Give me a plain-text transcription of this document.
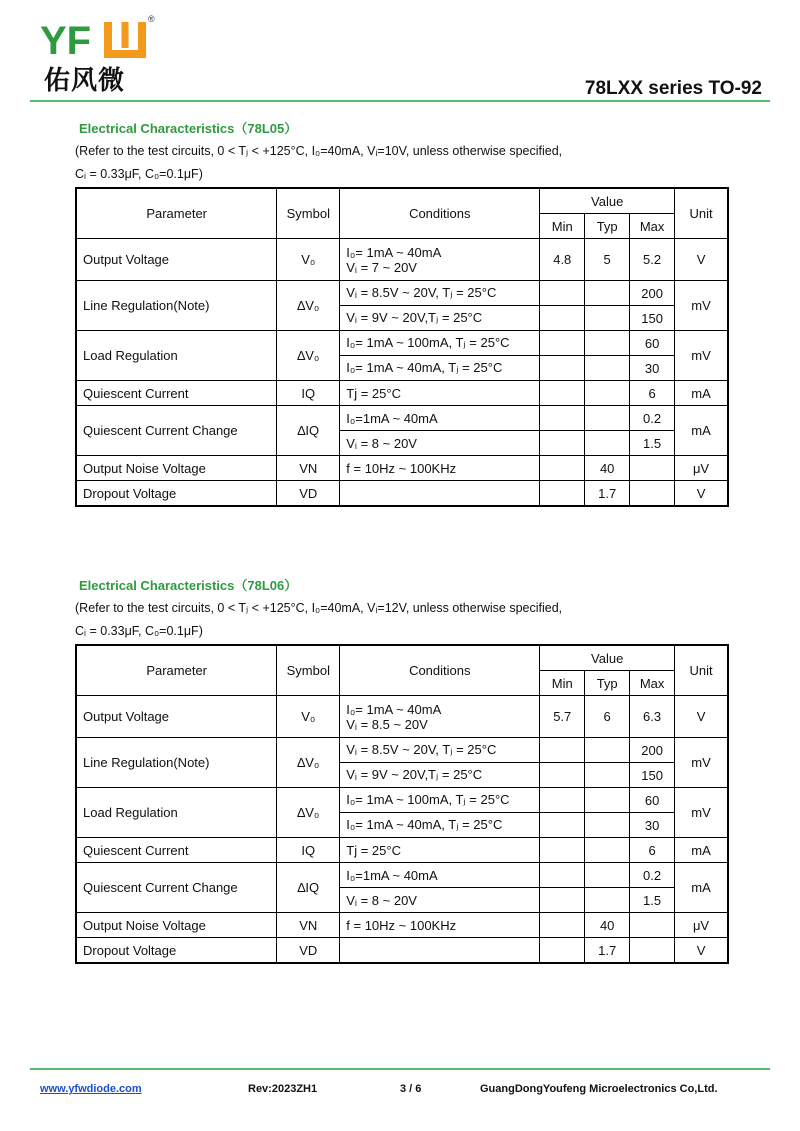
YF	®
佑风微	78LXX series TO-92
Electrical Characteristics（78L05）
(Refer to the test circuits, 0 < Tⱼ < +125°C, I₀=40mA, Vᵢ=10V, unless otherwise specified,
Cᵢ = 0.33μF, C₀=0.1μF)
Parameter	Symbol	Conditions	Value			Unit
			Min	Typ	Max	
Output Voltage	V₀	I₀= 1mA ~ 40mA
Vᵢ = 7 ~ 20V	4.8	5	5.2	V
Line Regulation(Note)	∆V₀	Vᵢ = 8.5V ~ 20V, Tⱼ = 25°C			200	mV
		Vᵢ = 9V ~ 20V,Tⱼ = 25°C			150	
Load Regulation	∆V₀	I₀= 1mA ~ 100mA, Tⱼ = 25°C			60	mV
		I₀= 1mA ~ 40mA, Tⱼ = 25°C			30	
Quiescent Current	IQ	Tj = 25°C			6	mA
Quiescent Current Change	∆IQ	I₀=1mA ~ 40mA			0.2	mA
		Vᵢ = 8 ~ 20V			1.5	
Output Noise Voltage	VN	f = 10Hz ~ 100KHz		40		μV
Dropout Voltage	VD			1.7		V
Electrical Characteristics（78L06）
(Refer to the test circuits, 0 < Tⱼ < +125°C, I₀=40mA, Vᵢ=12V, unless otherwise specified,
Cᵢ = 0.33μF, C₀=0.1μF)
Parameter	Symbol	Conditions	Value			Unit
			Min	Typ	Max	
Output Voltage	V₀	I₀= 1mA ~ 40mA
Vᵢ = 8.5 ~ 20V	5.7	6	6.3	V
Line Regulation(Note)	∆V₀	Vᵢ = 8.5V ~ 20V, Tⱼ = 25°C			200	mV
		Vᵢ = 9V ~ 20V,Tⱼ = 25°C			150	
Load Regulation	∆V₀	I₀= 1mA ~ 100mA, Tⱼ = 25°C			60	mV
		I₀= 1mA ~ 40mA, Tⱼ = 25°C			30	
Quiescent Current	IQ	Tj = 25°C			6	mA
Quiescent Current Change	∆IQ	I₀=1mA ~ 40mA			0.2	mA
		Vᵢ = 8 ~ 20V			1.5	
Output Noise Voltage	VN	f = 10Hz ~ 100KHz		40		μV
Dropout Voltage	VD			1.7		V
www.yfwdiode.com	Rev:2023ZH1	3 / 6	GuangDongYoufeng Microelectronics Co,Ltd.
